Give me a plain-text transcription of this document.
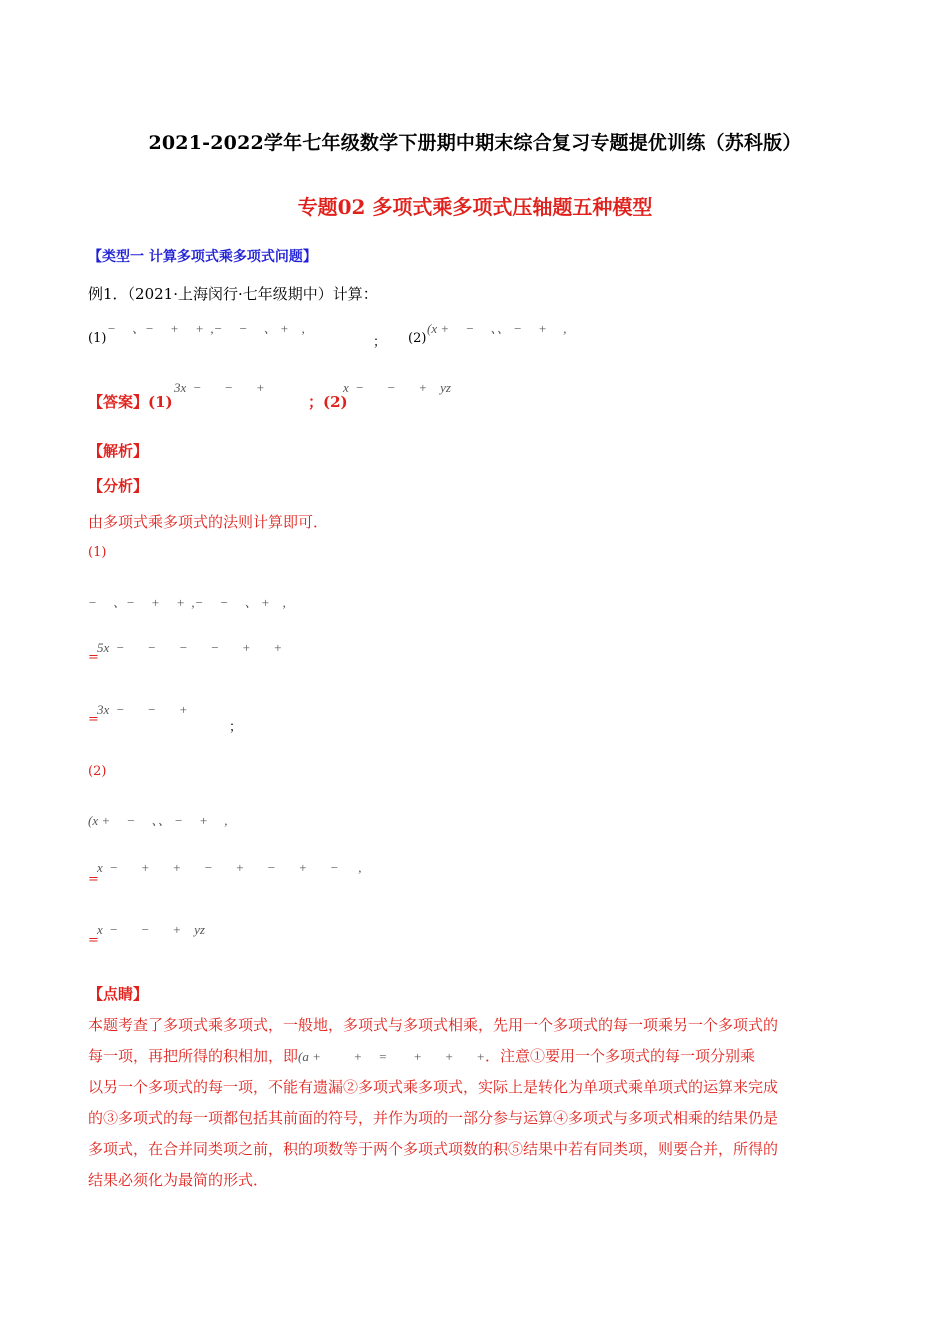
2021-2022学年七年级数学下册期中期末综合复习专题提优训练（苏科版）
专题02 多项式乘多项式压轴题五种模型
【类型一 计算多项式乘多项式问题】
例1．（2021·上海闵行·七年级期中）计算：
(1)
−     、−     +     +  ,−     −     、 +    ,
； (2)
(x +     −     、、 −     +     ,
【答案】(1)
3x  −       −       +
；(2)
x  −       −       +    yz
【解析】
【分析】
由多项式乘多项式的法则计算即可．
(1)
−     、−     +     +  ,−     −     、 +    ,
=
5x  −       −       −       −       +       +
=
3x  −       −       +
；
(2)
(x +     −     、、 −     +     ,
=
x  −       +       +       −       +       −       +       −      ,
=
x  −       −       +    yz
【点睛】
本题考查了多项式乘多项式，一般地，多项式与多项式相乘，先用一个多项式的每一项乘另一个多项式的
每一项，再把所得的积相加，即(a +          +     =        +       +       +．注意①要用一个多项式的每一项分别乘
以另一个多项式的每一项，不能有遗漏②多项式乘多项式，实际上是转化为单项式乘单项式的运算来完成
的③多项式的每一项都包括其前面的符号，并作为项的一部分参与运算④多项式与多项式相乘的结果仍是
多项式，在合并同类项之前，积的项数等于两个多项式项数的积⑤结果中若有同类项，则要合并，所得的
结果必须化为最简的形式．
